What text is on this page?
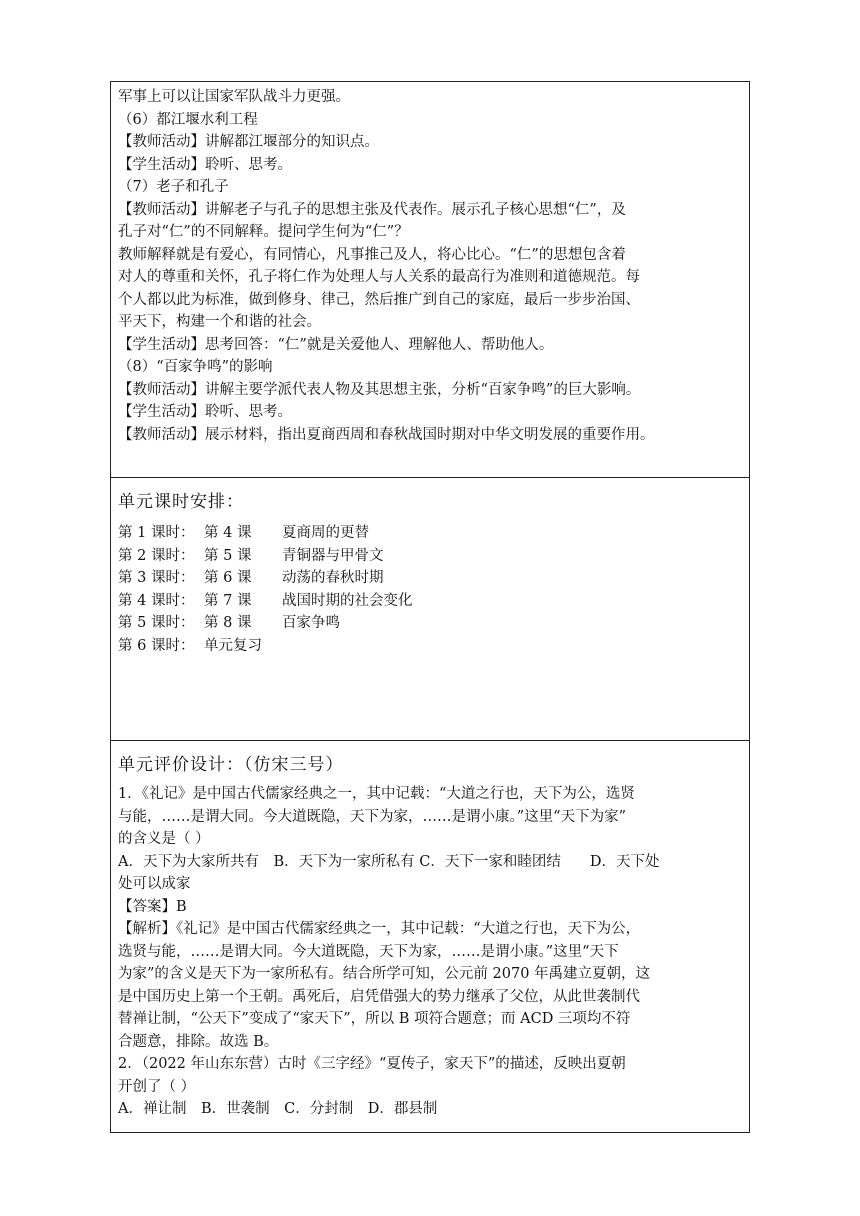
军事上可以让国家军队战斗力更强。
（6）都江堰水利工程
【教师活动】讲解都江堰部分的知识点。
【学生活动】聆听、思考。
（7）老子和孔子
【教师活动】讲解老子与孔子的思想主张及代表作。展示孔子核心思想“仁”，及
孔子对“仁”的不同解释。提问学生何为“仁”？
教师解释就是有爱心，有同情心，凡事推己及人，将心比心。“仁”的思想包含着
对人的尊重和关怀，孔子将仁作为处理人与人关系的最高行为准则和道德规范。每
个人都以此为标准，做到修身、律己，然后推广到自己的家庭，最后一步步治国、
平天下，构建一个和谐的社会。
【学生活动】思考回答：“仁”就是关爱他人、理解他人、帮助他人。
（8）“百家争鸣”的影响
【教师活动】讲解主要学派代表人物及其思想主张，分析“百家争鸣”的巨大影响。
【学生活动】聆听、思考。
【教师活动】展示材料，指出夏商西周和春秋战国时期对中华文明发展的重要作用。
单元课时安排：
第 1 课时： 第 4 课	夏商周的更替
第 2 课时： 第 5 课	青铜器与甲骨文
第 3 课时： 第 6 课	动荡的春秋时期
第 4 课时： 第 7 课	战国时期的社会变化
第 5 课时： 第 8 课	百家争鸣
第 6 课时： 单元复习
单元评价设计：（仿宋三号）
1．《礼记》是中国古代儒家经典之一，其中记载：“大道之行也，天下为公，选贤
与能，……是谓大同。今大道既隐，天下为家，……是谓小康。”这里“天下为家”
的含义是（ ）
A．天下为大家所共有　B．天下为一家所私有 C．天下一家和睦团结　　D．天下处
处可以成家
【答案】B
【解析】《礼记》是中国古代儒家经典之一，其中记载：“大道之行也，天下为公，
选贤与能，……是谓大同。今大道既隐，天下为家，……是谓小康。”这里“天下
为家”的含义是天下为一家所私有。结合所学可知，公元前 2070 年禹建立夏朝，这
是中国历史上第一个王朝。禹死后，启凭借强大的势力继承了父位，从此世袭制代
替禅让制，“公天下”变成了“家天下”，所以 B 项符合题意；而 ACD 三项均不符
合题意，排除。故选 B。
2．（2022 年山东东营）古时《三字经》“夏传子，家天下”的描述，反映出夏朝
开创了（ ）
A．禅让制　B．世袭制　C．分封制　D．郡县制
